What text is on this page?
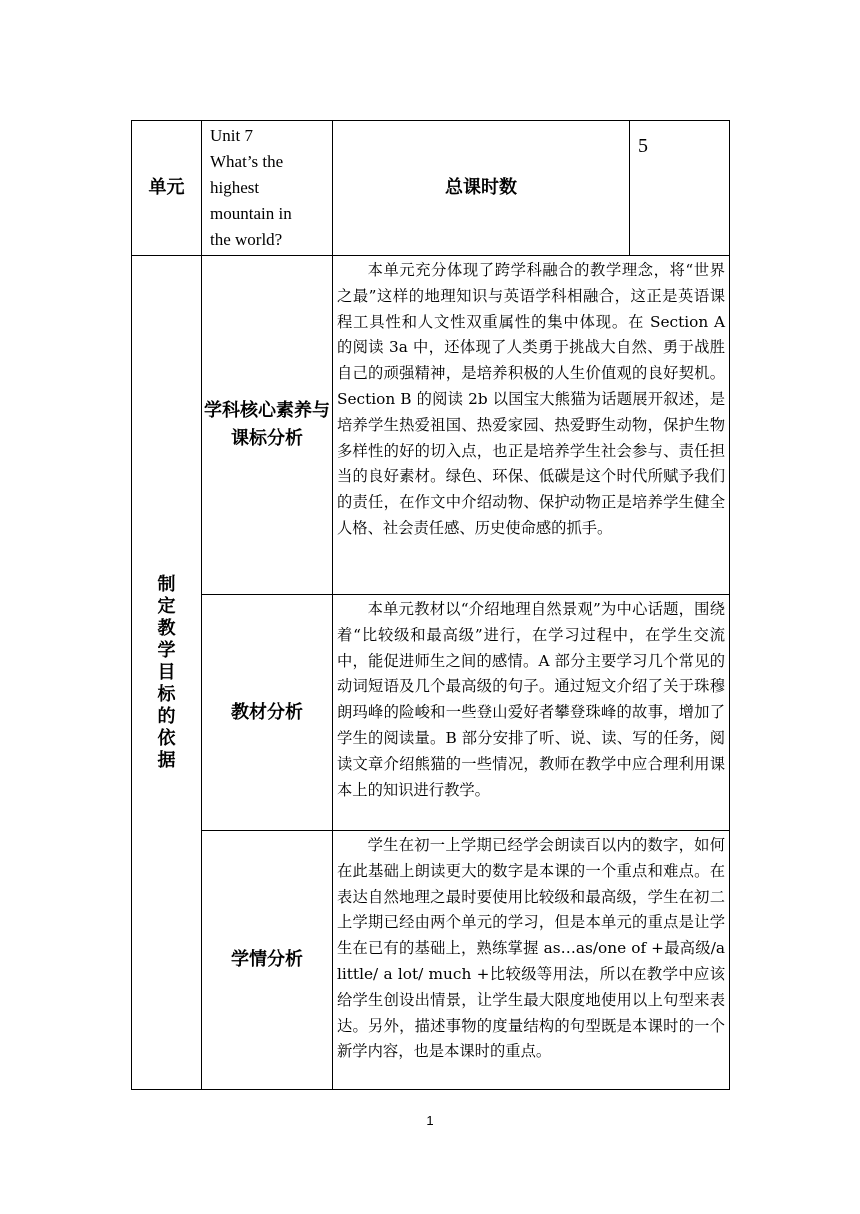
单元	Unit 7
What’s the
highest
mountain in
the world?	总课时数	5
制定教学目标的依据	学科核心素养与课标分析	本单元充分体现了跨学科融合的教学理念，将“世界之最”这样的地理知识与英语学科相融合，这正是英语课程工具性和人文性双重属性的集中体现。在 Section A 的阅读 3a 中，还体现了人类勇于挑战大自然、勇于战胜自己的顽强精神，是培养积极的人生价值观的良好契机。Section B 的阅读 2b 以国宝大熊猫为话题展开叙述，是培养学生热爱祖国、热爱家园、热爱野生动物，保护生物多样性的好的切入点，也正是培养学生社会参与、责任担当的良好素材。绿色、环保、低碳是这个时代所赋予我们的责任，在作文中介绍动物、保护动物正是培养学生健全人格、社会责任感、历史使命感的抓手。	

	教材分析	本单元教材以“介绍地理自然景观”为中心话题，围绕着“比较级和最高级”进行，在学习过程中，在学生交流中，能促进师生之间的感情。A 部分主要学习几个常见的动词短语及几个最高级的句子。通过短文介绍了关于珠穆朗玛峰的险峻和一些登山爱好者攀登珠峰的故事，增加了学生的阅读量。B 部分安排了听、说、读、写的任务，阅读文章介绍熊猫的一些情况，教师在教学中应合理利用课本上的知识进行教学。	

	学情分析	学生在初一上学期已经学会朗读百以内的数字，如何在此基础上朗读更大的数字是本课的一个重点和难点。在表达自然地理之最时要使用比较级和最高级，学生在初二上学期已经由两个单元的学习，但是本单元的重点是让学生在已有的基础上，熟练掌握 as…as/one of +最高级/a little/ a lot/ much +比较级等用法，所以在教学中应该给学生创设出情景，让学生最大限度地使用以上句型来表达。另外，描述事物的度量结构的句型既是本课时的一个新学内容，也是本课时的重点。	
1
